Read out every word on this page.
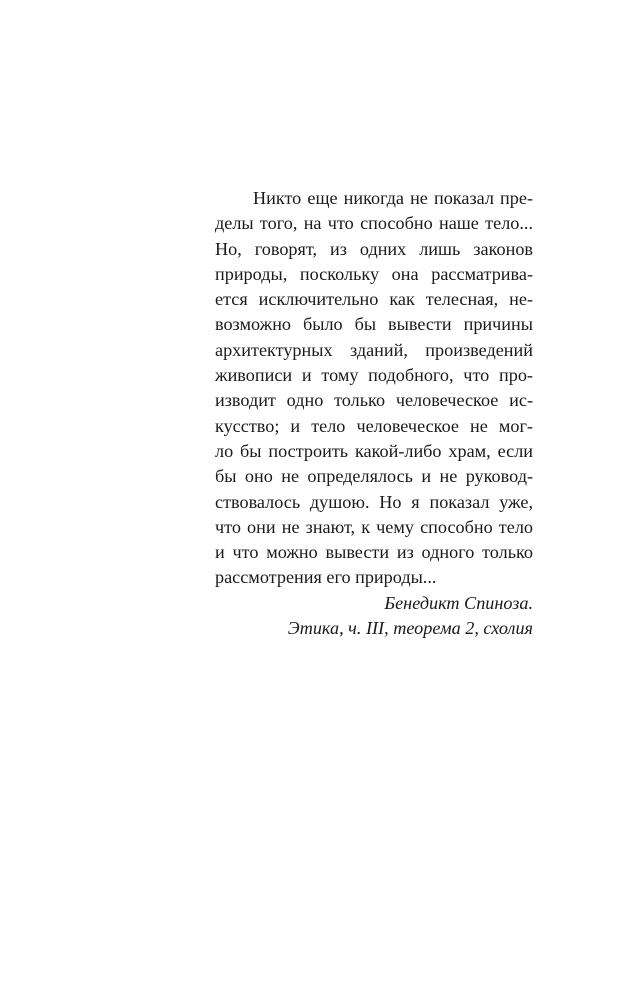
Никто еще никогда не показал пре-
делы того, на что способно наше тело...
Но, говорят, из одних лишь законов
природы, поскольку она рассматрива-
ется исключительно как телесная, не-
возможно было бы вывести причины
архитектурных зданий, произведений
живописи и тому подобного, что про-
изводит одно только человеческое ис-
кусство; и тело человеческое не мог-
ло бы построить какой-либо храм, если
бы оно не определялось и не руковод-
ствовалось душою. Но я показал уже,
что они не знают, к чему способно тело
и что можно вывести из одного только
рассмотрения его природы...
Бенедикт Спиноза.
Этика, ч. III, теорема 2, схолия
